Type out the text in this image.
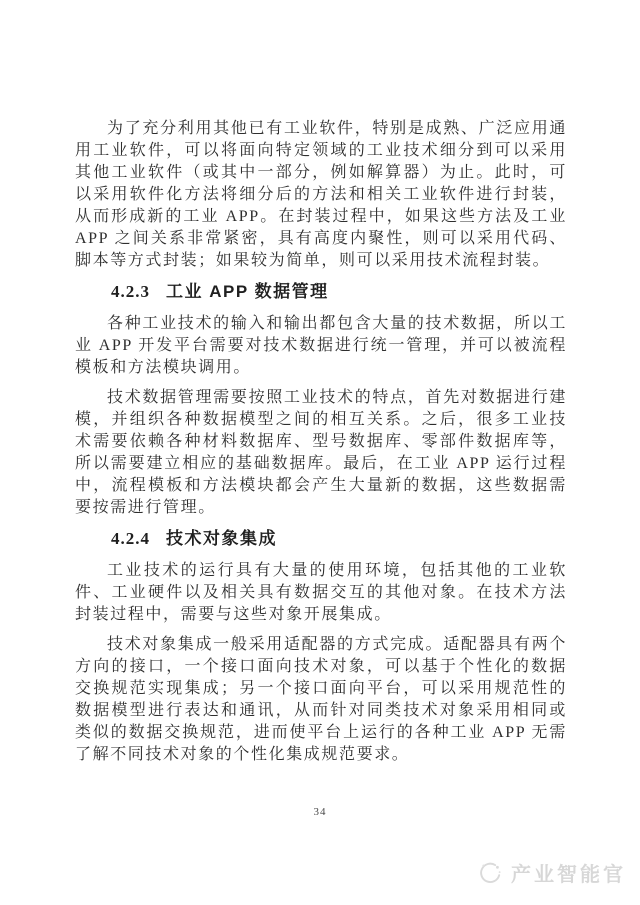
为了充分利用其他已有工业软件，特别是成熟、广泛应用通用工业软件，可以将面向特定领域的工业技术细分到可以采用其他工业软件（或其中一部分，例如解算器）为止。此时，可以采用软件化方法将细分后的方法和相关工业软件进行封装，从而形成新的工业 APP。在封装过程中，如果这些方法及工业 APP 之间关系非常紧密，具有高度内聚性，则可以采用代码、脚本等方式封装；如果较为简单，则可以采用技术流程封装。

4.2.3 工业 APP 数据管理

各种工业技术的输入和输出都包含大量的技术数据，所以工业 APP 开发平台需要对技术数据进行统一管理，并可以被流程模板和方法模块调用。

技术数据管理需要按照工业技术的特点，首先对数据进行建模，并组织各种数据模型之间的相互关系。之后，很多工业技术需要依赖各种材料数据库、型号数据库、零部件数据库等，所以需要建立相应的基础数据库。最后，在工业 APP 运行过程中，流程模板和方法模块都会产生大量新的数据，这些数据需要按需进行管理。

4.2.4 技术对象集成

工业技术的运行具有大量的使用环境，包括其他的工业软件、工业硬件以及相关具有数据交互的其他对象。在技术方法封装过程中，需要与这些对象开展集成。

技术对象集成一般采用适配器的方式完成。适配器具有两个方向的接口，一个接口面向技术对象，可以基于个性化的数据交换规范实现集成；另一个接口面向平台，可以采用规范性的数据模型进行表达和通讯，从而针对同类技术对象采用相同或类似的数据交换规范，进而使平台上运行的各种工业 APP 无需了解不同技术对象的个性化集成规范要求。

34
产业智能官
